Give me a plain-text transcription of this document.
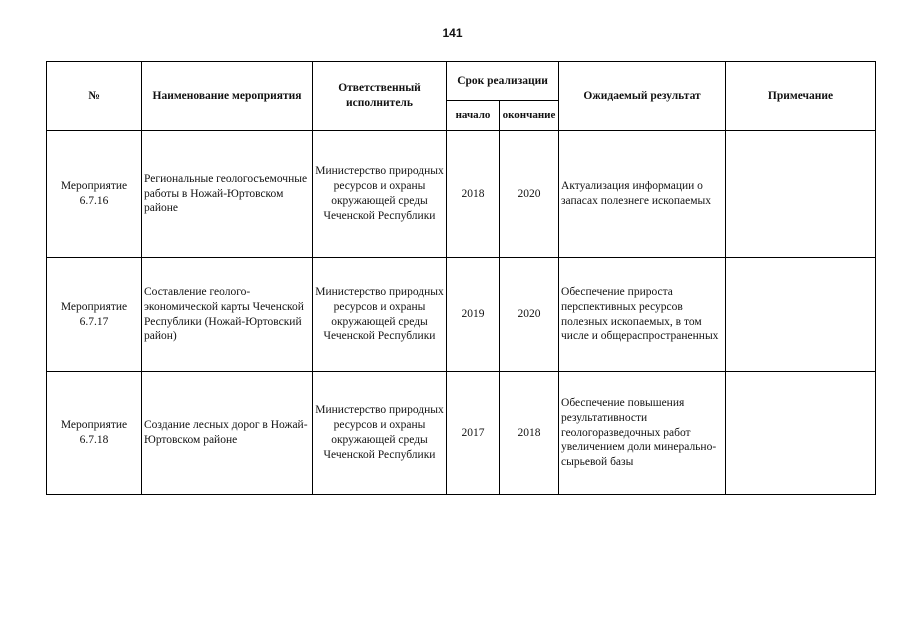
141
№	Наименование мероприятия	Ответственный исполнитель	Срок реализации		Ожидаемый результат	Примечание
			начало	окончание		
Мероприятие 6.7.16	Региональные геологосъемочные работы в Ножай-Юртовском районе	Министерство природных ресурсов и охраны окружающей среды Чеченской Республики	2018	2020	Актуализация информации о запасах полезнеге ископаемых	
Мероприятие 6.7.17	Составление геолого-экономической карты Чеченской Республики (Ножай-Юртовский район)	Министерство природных ресурсов и охраны окружающей среды Чеченской Республики	2019	2020	Обеспечение прироста перспективных ресурсов полезных ископаемых, в том числе и общераспространенных	
Мероприятие 6.7.18	Создание лесных дорог в Ножай-Юртовском районе	Министерство природных ресурсов и охраны окружающей среды Чеченской Республики	2017	2018	Обеспечение повышения результативности геологоразведочных работ увеличением доли минерально-сырьевой базы	
